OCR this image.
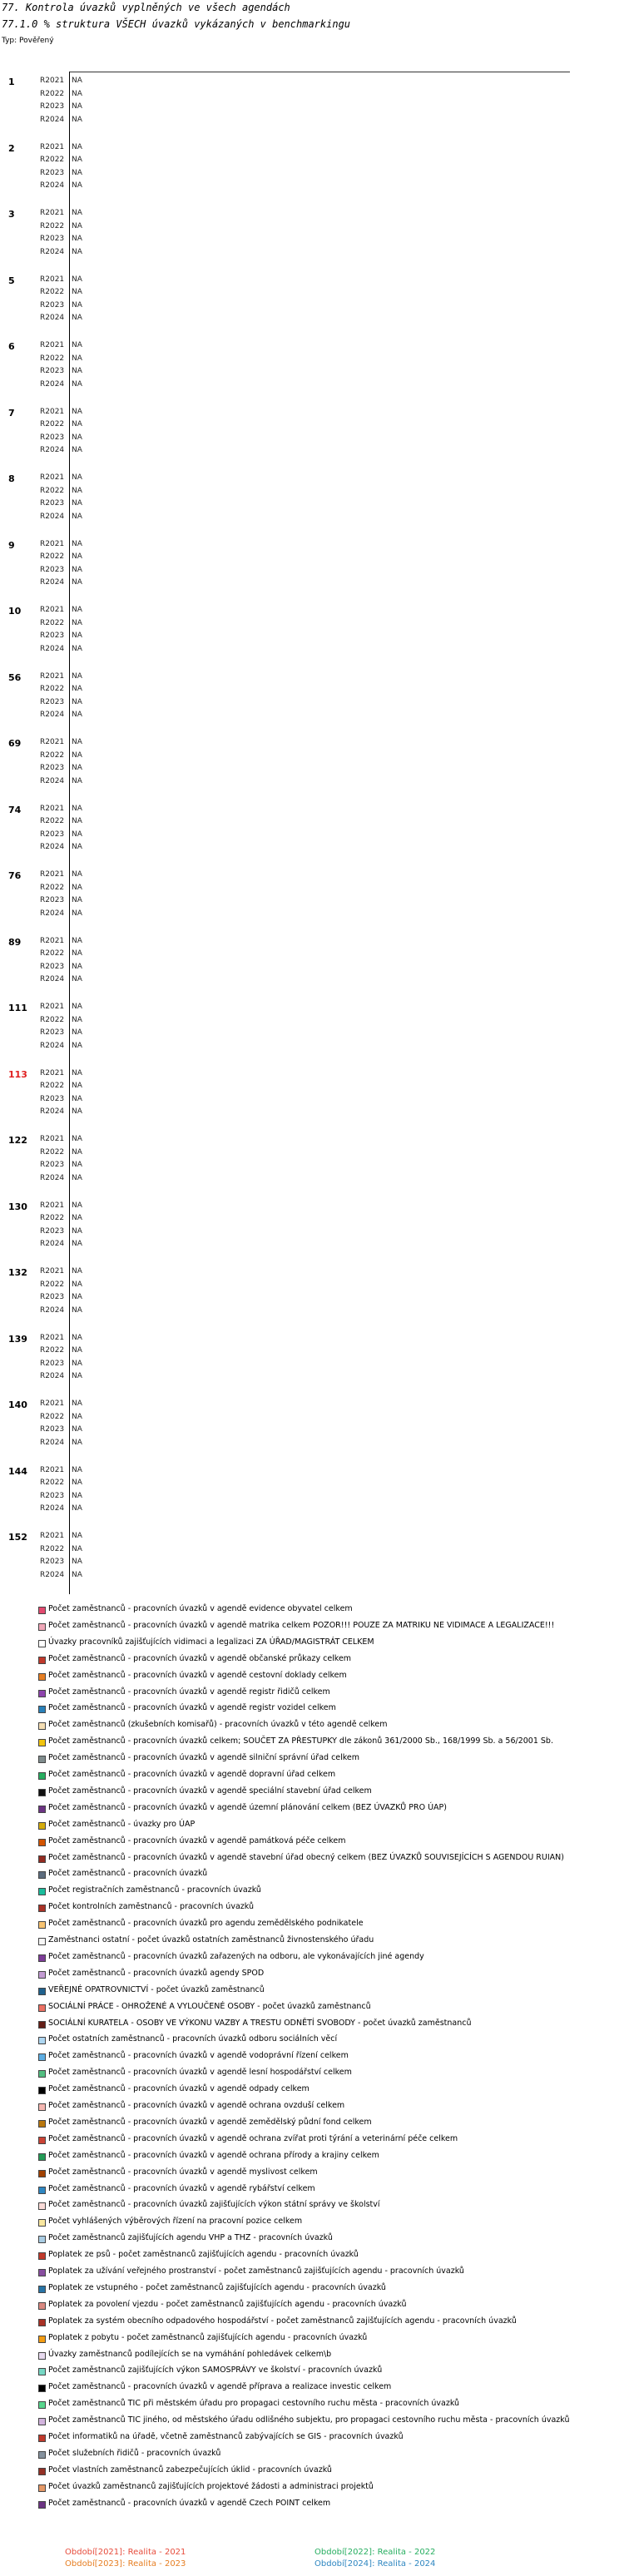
77. Kontrola úvazků vyplněných ve všech agendách
77.1.0 % struktura VŠECH úvazků vykázaných v benchmarkingu
Typ: Pověřený
1	R2021 NA
R2022 NA
R2023 NA
R2024 NA
2	R2021 NA
R2022 NA
R2023 NA
R2024 NA
3	R2021 NA
R2022 NA
R2023 NA
R2024 NA
5	R2021 NA
R2022 NA
R2023 NA
R2024 NA
6	R2021 NA
R2022 NA
R2023 NA
R2024 NA
7	R2021 NA
R2022 NA
R2023 NA
R2024 NA
8	R2021 NA
R2022 NA
R2023 NA
R2024 NA
9	R2021 NA
R2022 NA
R2023 NA
R2024 NA
10	R2021 NA
R2022 NA
R2023 NA
R2024 NA
56	R2021 NA
R2022 NA
R2023 NA
R2024 NA
69	R2021 NA
R2022 NA
R2023 NA
R2024 NA
74	R2021 NA
R2022 NA
R2023 NA
R2024 NA
76	R2021 NA
R2022 NA
R2023 NA
R2024 NA
89	R2021 NA
R2022 NA
R2023 NA
R2024 NA
111 R2021 NA
R2022 NA
R2023 NA
R2024 NA
113 R2021 NA
R2022 NA
R2023 NA
R2024 NA
122 R2021 NA
R2022 NA
R2023 NA
R2024 NA
130 R2021 NA
R2022 NA
R2023 NA
R2024 NA
132 R2021 NA
R2022 NA
R2023 NA
R2024 NA
139 R2021 NA
R2022 NA
R2023 NA
R2024 NA
140 R2021 NA
R2022 NA
R2023 NA
R2024 NA
144 R2021 NA
R2022 NA
R2023 NA
R2024 NA
152 R2021 NA
R2022 NA
R2023 NA
R2024 NA
Počet zaměstnanců - pracovních úvazků v agendě evidence obyvatel celkem
Počet zaměstnanců - pracovních úvazků v agendě matrika celkem POZOR!!! POUZE ZA MATRIKU NE VIDIMACE A LEGALIZACE!!!
Úvazky pracovníků zajišťujících vidimaci a legalizaci ZA ÚŘAD/MAGISTRÁT CELKEM
Počet zaměstnanců - pracovních úvazků v agendě občanské průkazy celkem
Počet zaměstnanců - pracovních úvazků v agendě cestovní doklady celkem
Počet zaměstnanců - pracovních úvazků v agendě registr řidičů celkem
Počet zaměstnanců - pracovních úvazků v agendě registr vozidel celkem
Počet zaměstnanců (zkušebních komisařů) - pracovních úvazků v této agendě celkem
Počet zaměstnanců - pracovních úvazků celkem; SOUČET ZA PŘESTUPKY dle zákonů 361/2000 Sb., 168/1999 Sb. a 56/2001 Sb.
Počet zaměstnanců - pracovních úvazků v agendě silniční správní úřad celkem
Počet zaměstnanců - pracovních úvazků v agendě dopravní úřad celkem
Počet zaměstnanců - pracovních úvazků v agendě speciální stavební úřad celkem
Počet zaměstnanců - pracovních úvazků v agendě územní plánování celkem (BEZ ÚVAZKŮ PRO ÚAP)
Počet zaměstnanců - úvazky pro ÚAP
Počet zaměstnanců - pracovních úvazků v agendě památková péče celkem
Počet zaměstnanců - pracovních úvazků v agendě stavební úřad obecný celkem (BEZ ÚVAZKŮ SOUVISEJÍCÍCH S AGENDOU RUIAN)
Počet zaměstnanců - pracovních úvazků
Počet registračních zaměstnanců - pracovních úvazků
Počet kontrolních zaměstnanců - pracovních úvazků
Počet zaměstnanců - pracovních úvazků pro agendu zemědělského podnikatele
Zaměstnanci ostatní - počet úvazků ostatních zaměstnanců živnostenského úřadu
Počet zaměstnanců - pracovních úvazků zařazených na odboru, ale vykonávajících jiné agendy
Počet zaměstnanců - pracovních úvazků agendy SPOD
VEŘEJNÉ OPATROVNICTVÍ - počet úvazků zaměstnanců
SOCIÁLNÍ PRÁCE - OHROŽENÉ A VYLOUČENÉ OSOBY - počet úvazků zaměstnanců
SOCIÁLNÍ KURATELA - OSOBY VE VÝKONU VAZBY A TRESTU ODNĚTÍ SVOBODY - počet úvazků zaměstnanců
Počet ostatních zaměstnanců - pracovních úvazků odboru sociálních věcí
Počet zaměstnanců - pracovních úvazků v agendě vodoprávní řízení celkem
Počet zaměstnanců - pracovních úvazků v agendě lesní hospodářství celkem
Počet zaměstnanců - pracovních úvazků v agendě odpady celkem
Počet zaměstnanců - pracovních úvazků v agendě ochrana ovzduší celkem
Počet zaměstnanců - pracovních úvazků v agendě zemědělský půdní fond celkem
Počet zaměstnanců - pracovních úvazků v agendě ochrana zvířat proti týrání a veterinární péče celkem
Počet zaměstnanců - pracovních úvazků v agendě ochrana přírody a krajiny celkem
Počet zaměstnanců - pracovních úvazků v agendě myslivost celkem
Počet zaměstnanců - pracovních úvazků v agendě rybářství celkem
Počet zaměstnanců - pracovních úvazků zajišťujících výkon státní správy ve školství
Počet vyhlášených výběrových řízení na pracovní pozice celkem
Počet zaměstnanců zajišťujících agendu VHP a THZ - pracovních úvazků
Poplatek ze psů - počet zaměstnanců zajišťujících agendu - pracovních úvazků
Poplatek za užívání veřejného prostranství - počet zaměstnanců zajišťujících agendu - pracovních úvazků
Poplatek ze vstupného - počet zaměstnanců zajišťujících agendu - pracovních úvazků
Poplatek za povolení vjezdu - počet zaměstnanců zajišťujících agendu - pracovních úvazků
Poplatek za systém obecního odpadového hospodářství - počet zaměstnanců zajišťujících agendu - pracovních úvazků
Poplatek z pobytu - počet zaměstnanců zajišťujících agendu - pracovních úvazků
Úvazky zaměstnanců podílejících se na vymáhání pohledávek celkem\b
Počet zaměstnanců zajišťujících výkon SAMOSPRÁVY ve školství - pracovních úvazků
Počet zaměstnanců - pracovních úvazků v agendě příprava a realizace investic celkem
Počet zaměstnanců TIC při městském úřadu pro propagaci cestovního ruchu města - pracovních úvazků
Počet zaměstnanců TIC jiného, od městského úřadu odlišného subjektu, pro propagaci cestovního ruchu města - pracovních úvazků
Počet informatiků na úřadě, včetně zaměstnanců zabývajících se GIS - pracovních úvazků
Počet služebních řidičů - pracovních úvazků
Počet vlastních zaměstnanců zabezpečujících úklid - pracovních úvazků
Počet úvazků zaměstnanců zajišťujících projektové žádosti a administraci projektů
Počet zaměstnanců - pracovních úvazků v agendě Czech POINT celkem
Období[2021]: Realita - 2021	Období[2022]: Realita - 2022
Období[2023]: Realita - 2023	Období[2024]: Realita - 2024
